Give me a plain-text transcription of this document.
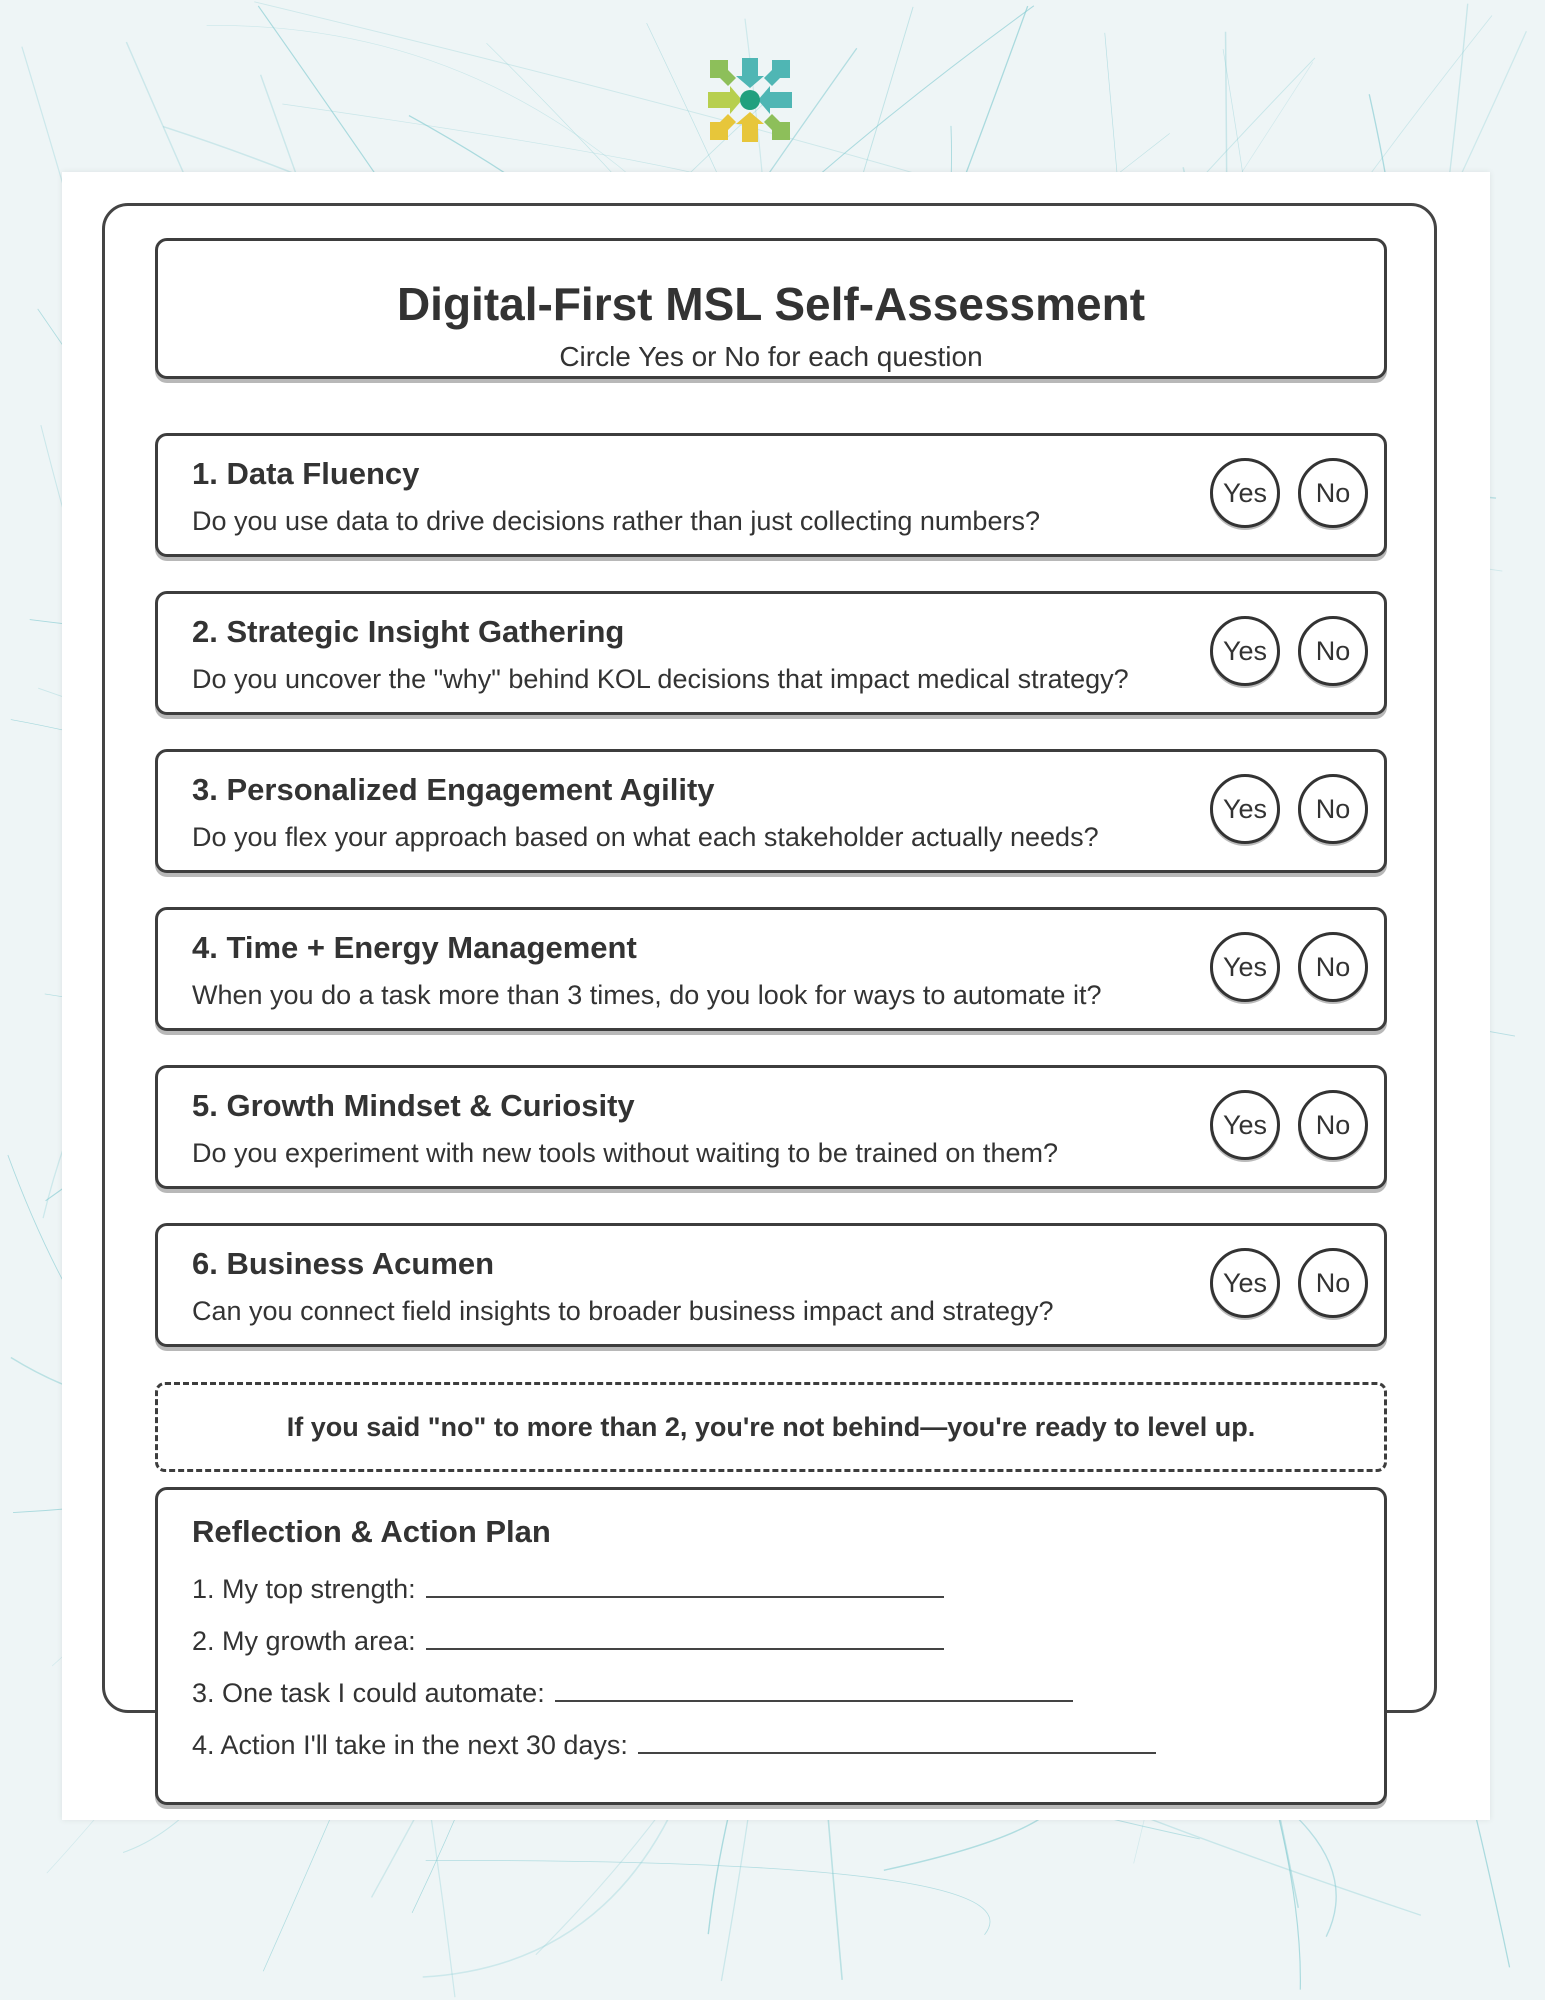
Digital-First MSL Self-Assessment
Circle Yes or No for each question
1. Data Fluency
Do you use data to drive decisions rather than just collecting numbers?
Yes	No
2. Strategic Insight Gathering
Do you uncover the "why" behind KOL decisions that impact medical strategy?
Yes	No
3. Personalized Engagement Agility
Do you flex your approach based on what each stakeholder actually needs?
Yes	No
4. Time + Energy Management
When you do a task more than 3 times, do you look for ways to automate it?
Yes	No
5. Growth Mindset & Curiosity
Do you experiment with new tools without waiting to be trained on them?
Yes	No
6. Business Acumen
Can you connect field insights to broader business impact and strategy?
Yes	No
If you said "no" to more than 2, you're not behind—you're ready to level up.
Reflection & Action Plan
1. My top strength:
2. My growth area:
3. One task I could automate:
4. Action I'll take in the next 30 days:
